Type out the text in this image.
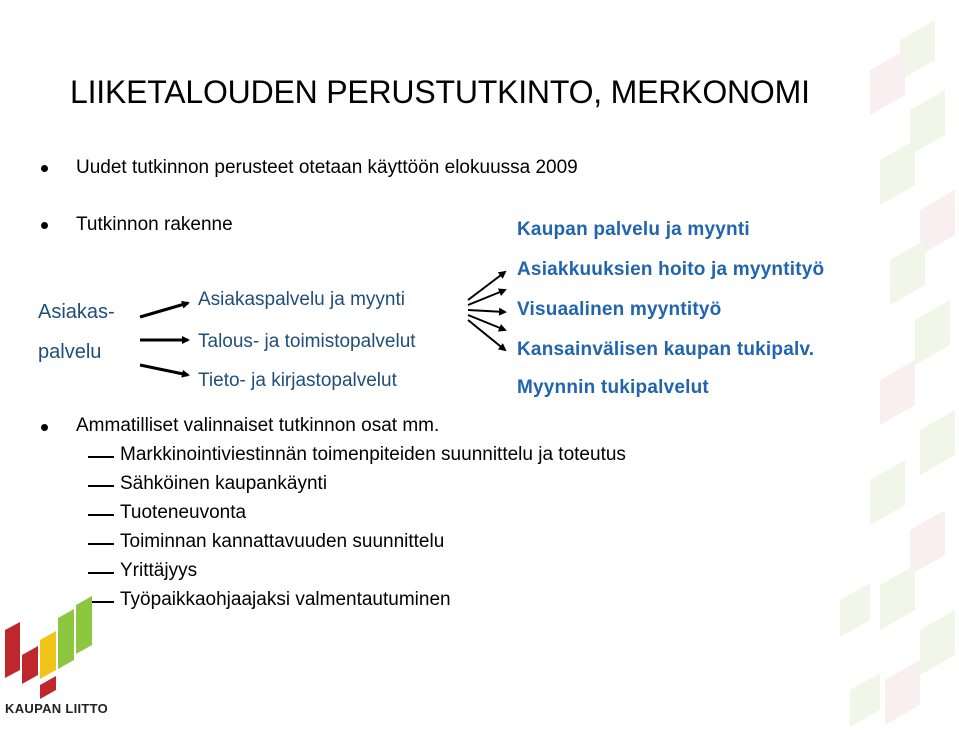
LIIKETALOUDEN PERUSTUTKINTO, MERKONOMI
Uudet tutkinnon perusteet otetaan käyttöön elokuussa 2009
Tutkinnon rakenne
Asiakas-
palvelu
Asiakaspalvelu ja myynti
Talous- ja toimistopalvelut
Tieto- ja kirjastopalvelut
Kaupan palvelu ja myynti
Asiakkuuksien hoito ja myyntityö
Visuaalinen myyntityö
Kansainvälisen kaupan tukipalv.
Myynnin tukipalvelut
Ammatilliset valinnaiset tutkinnon osat mm.
Markkinointiviestinnän toimenpiteiden suunnittelu ja toteutus
Sähköinen kaupankäynti
Tuoteneuvonta
Toiminnan kannattavuuden suunnittelu
Yrittäjyys
Työpaikkaohjaajaksi valmentautuminen
KAUPAN LIITTO
